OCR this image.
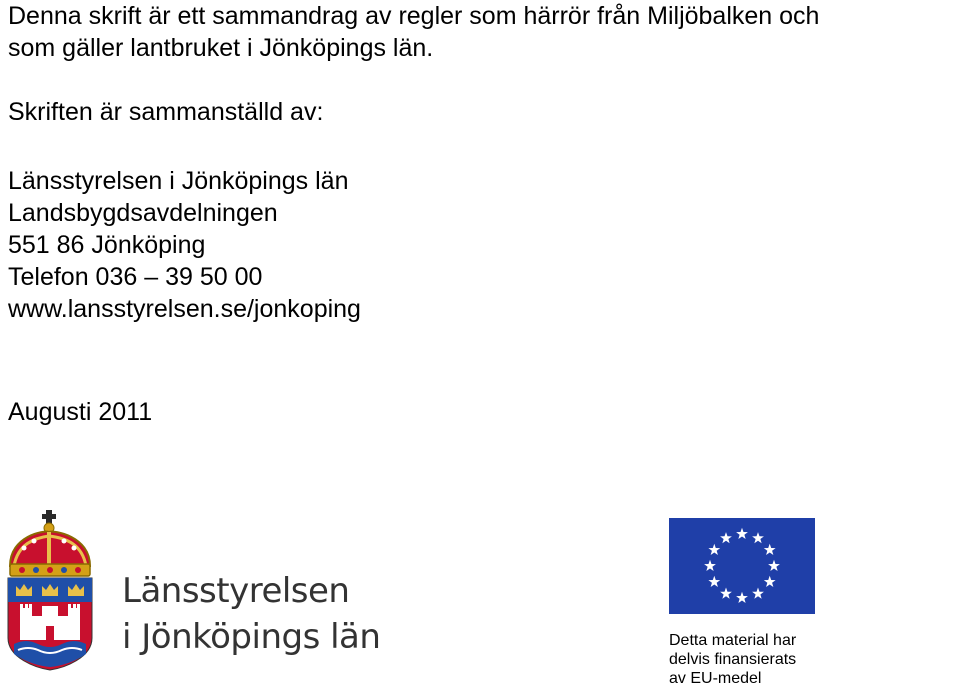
Denna skrift är ett sammandrag av regler som härrör från Miljöbalken och
som gäller lantbruket i Jönköpings län.

Skriften är sammanställd av:

Länsstyrelsen i Jönköpings län
Landsbygdsavdelningen
551 86 Jönköping
Telefon 036 – 39 50 00
www.lansstyrelsen.se/jonkoping

Augusti 2011

Länsstyrelsen
i Jönköpings län	Detta material har
delvis finansierats
av EU-medel
